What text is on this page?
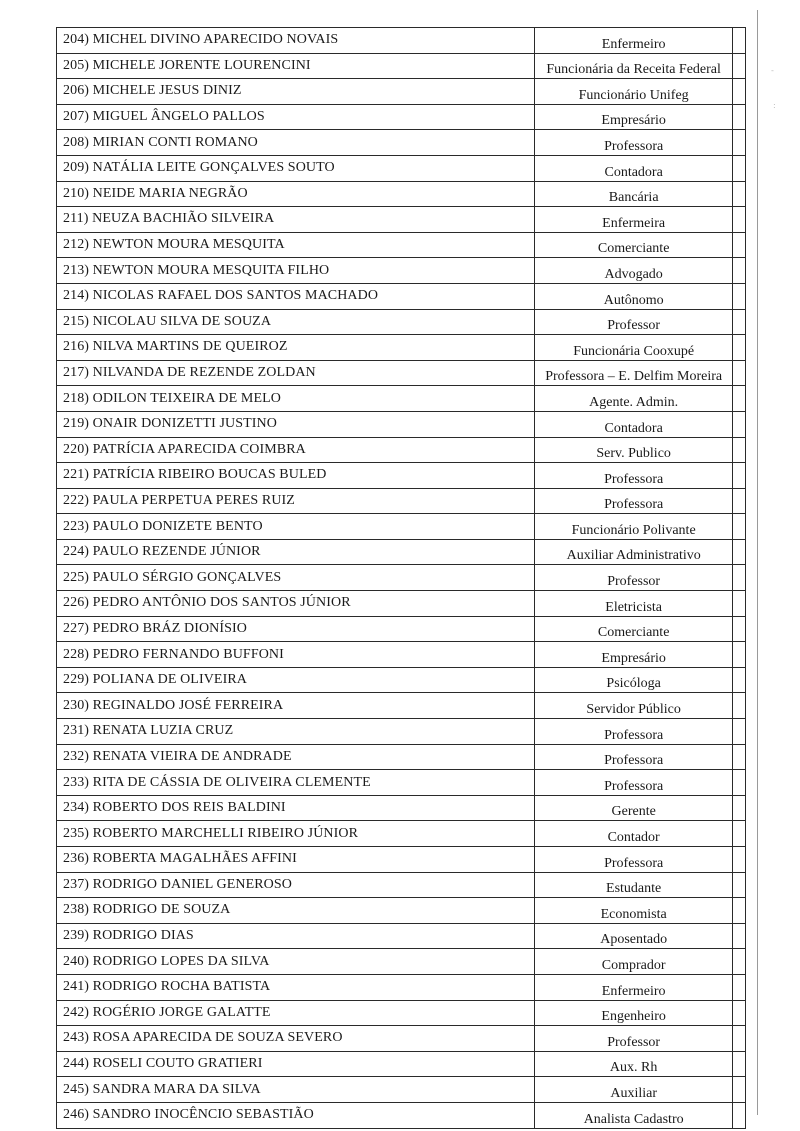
-
:
204) MICHEL DIVINO APARECIDO NOVAIS	Enfermeiro	
205) MICHELE JORENTE LOURENCINI	Funcionária da Receita Federal	
206) MICHELE JESUS DINIZ	Funcionário Unifeg	
207) MIGUEL ÂNGELO PALLOS	Empresário	
208) MIRIAN CONTI ROMANO	Professora	
209) NATÁLIA LEITE GONÇALVES SOUTO	Contadora	
210) NEIDE MARIA NEGRÃO	Bancária	
211) NEUZA BACHIÃO SILVEIRA	Enfermeira	
212) NEWTON MOURA MESQUITA	Comerciante	
213) NEWTON MOURA MESQUITA FILHO	Advogado	
214) NICOLAS RAFAEL DOS SANTOS MACHADO	Autônomo	
215) NICOLAU SILVA DE SOUZA	Professor	
216) NILVA MARTINS DE QUEIROZ	Funcionária Cooxupé	
217) NILVANDA DE REZENDE ZOLDAN	Professora – E. Delfim Moreira	
218) ODILON TEIXEIRA DE MELO	Agente. Admin.	
219) ONAIR DONIZETTI JUSTINO	Contadora	
220) PATRÍCIA APARECIDA COIMBRA	Serv. Publico	
221) PATRÍCIA RIBEIRO BOUCAS BULED	Professora	
222) PAULA PERPETUA PERES RUIZ	Professora	
223) PAULO DONIZETE BENTO	Funcionário Polivante	
224) PAULO REZENDE JÚNIOR	Auxiliar Administrativo	
225) PAULO SÉRGIO GONÇALVES	Professor	
226) PEDRO ANTÔNIO DOS SANTOS JÚNIOR	Eletricista	
227) PEDRO BRÁZ DIONÍSIO	Comerciante	
228) PEDRO FERNANDO BUFFONI	Empresário	
229) POLIANA DE OLIVEIRA	Psicóloga	
230) REGINALDO JOSÉ FERREIRA	Servidor Público	
231) RENATA LUZIA CRUZ	Professora	
232) RENATA VIEIRA DE ANDRADE	Professora	
233) RITA DE CÁSSIA DE OLIVEIRA CLEMENTE	Professora	
234) ROBERTO DOS REIS BALDINI	Gerente	
235) ROBERTO MARCHELLI RIBEIRO JÚNIOR	Contador	
236) ROBERTA MAGALHÃES AFFINI	Professora	
237) RODRIGO DANIEL GENEROSO	Estudante	
238) RODRIGO DE SOUZA	Economista	
239) RODRIGO DIAS	Aposentado	
240) RODRIGO LOPES DA SILVA	Comprador	
241) RODRIGO ROCHA BATISTA	Enfermeiro	
242) ROGÉRIO JORGE GALATTE	Engenheiro	
243) ROSA APARECIDA DE SOUZA SEVERO	Professor	
244) ROSELI COUTO GRATIERI	Aux. Rh	
245) SANDRA MARA DA SILVA	Auxiliar	
246) SANDRO INOCÊNCIO SEBASTIÃO	Analista Cadastro	
